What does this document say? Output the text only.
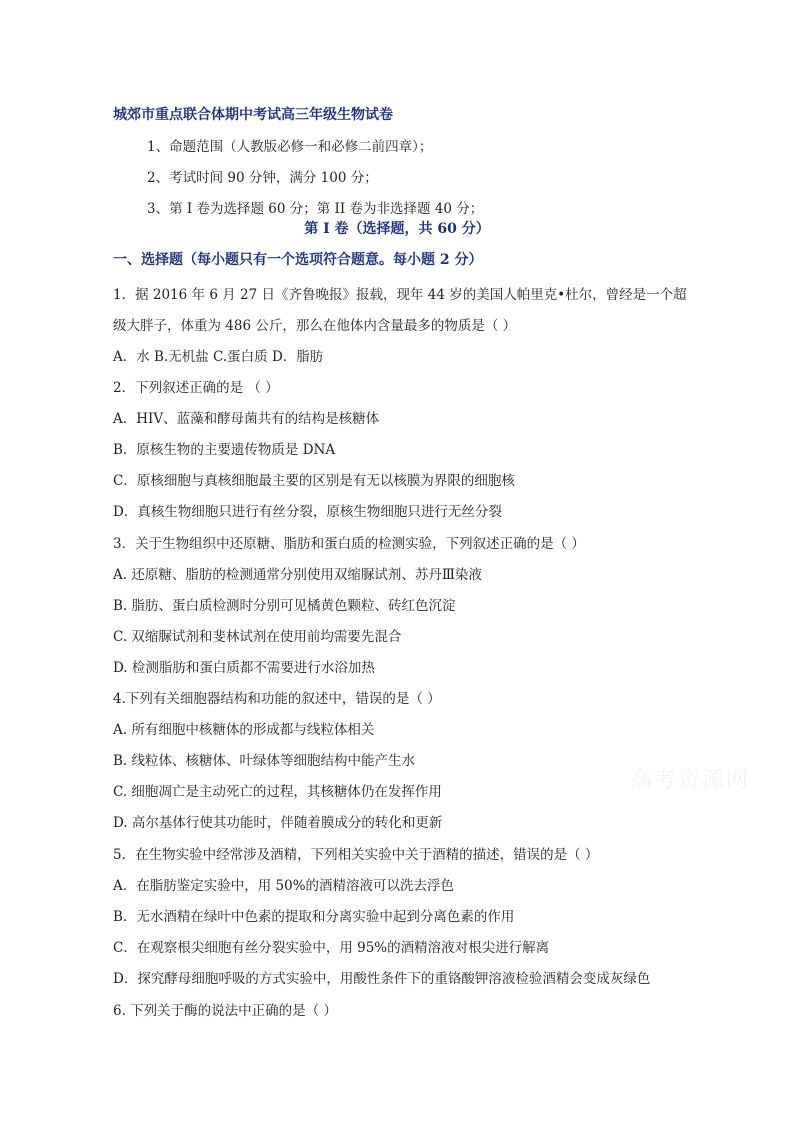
城郊市重点联合体期中考试高三年级生物试卷
1、命题范围（人教版必修一和必修二前四章）；
2、考试时间 90 分钟，满分 100 分；
3、第 I 卷为选择题 60 分；第 II 卷为非选择题 40 分；
第 I 卷（选择题，共 60 分）
一、选择题（每小题只有一个选项符合题意。每小题 2 分）
1．据 2016 年 6 月 27 日《齐鲁晚报》报载，现年 44 岁的美国人帕里克•杜尔，曾经是一个超
级大胖子，体重为 486 公斤，那么在他体内含量最多的物质是（ ）
A．水 B.无机盐 C.蛋白质 D．脂肪
2．下列叙述正确的是 （ ）
A．HIV、蓝藻和酵母菌共有的结构是核糖体
B．原核生物的主要遗传物质是 DNA
C．原核细胞与真核细胞最主要的区别是有无以核膜为界限的细胞核
D．真核生物细胞只进行有丝分裂，原核生物细胞只进行无丝分裂
3．关于生物组织中还原糖、脂肪和蛋白质的检测实验，下列叙述正确的是（ ）
A. 还原糖、脂肪的检测通常分别使用双缩脲试剂、苏丹Ⅲ染液
B. 脂肪、蛋白质检测时分别可见橘黄色颗粒、砖红色沉淀
C. 双缩脲试剂和斐林试剂在使用前均需要先混合
D. 检测脂肪和蛋白质都不需要进行水浴加热
4.下列有关细胞器结构和功能的叙述中，错误的是（ ）
A. 所有细胞中核糖体的形成都与线粒体相关
B. 线粒体、核糖体、叶绿体等细胞结构中能产生水
C. 细胞凋亡是主动死亡的过程，其核糖体仍在发挥作用
D. 高尔基体行使其功能时，伴随着膜成分的转化和更新
5．在生物实验中经常涉及酒精，下列相关实验中关于酒精的描述，错误的是（ ）
A．在脂肪鉴定实验中，用 50%的酒精溶液可以洗去浮色
B．无水酒精在绿叶中色素的提取和分离实验中起到分离色素的作用
C．在观察根尖细胞有丝分裂实验中，用 95%的酒精溶液对根尖进行解离
D．探究酵母细胞呼吸的方式实验中，用酸性条件下的重铬酸钾溶液检验酒精会变成灰绿色
6. 下列关于酶的说法中正确的是（ ）
高考资源网
